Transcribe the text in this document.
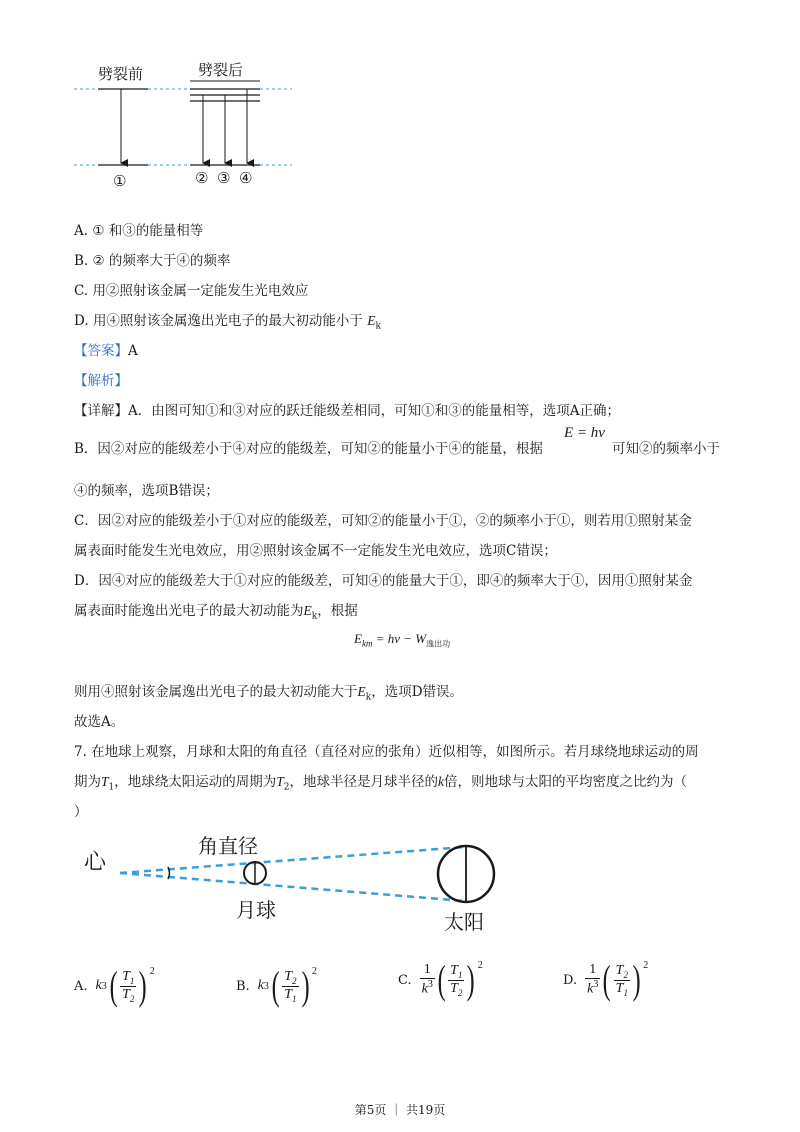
劈裂前	劈裂后
①	② ③ ④
A. ① 和③的能量相等
B. ② 的频率大于④的频率
C. 用②照射该金属一定能发生光电效应
D. 用④照射该金属逸出光电子的最大初动能小于 $E_k$
【答案】A
【解析】
【详解】A．由图可知①和③对应的跃迁能级差相同，可知①和③的能量相等，选项A正确；
B．因②对应的能级差小于④对应的能级差，可知②的能量小于④的能量，根据
E = hν
可知②的频率小于
④的频率，选项B错误；
C．因②对应的能级差小于①对应的能级差，可知②的能量小于①，②的频率小于①，则若用①照射某金
属表面时能发生光电效应，用②照射该金属不一定能发生光电效应，选项C错误；
D．因④对应的能级差大于①对应的能级差，可知④的能量大于①，即④的频率大于①，因用①照射某金
属表面时能逸出光电子的最大初动能为$E_k$，根据
$E_{km} = h\nu - W_{逸出功}$
则用④照射该金属逸出光电子的最大初动能大于$E_k$，选项D错误。
故选A。
7. 在地球上观察，月球和太阳的角直径（直径对应的张角）近似相等，如图所示。若月球绕地球运动的周
期为$T_1$，地球绕太阳运动的周期为$T_2$，地球半径是月球半径的k倍，则地球与太阳的平均密度之比约为（
）
心
角直径
月球	太阳
A. k 3 ( $\frac{T_1}{T_2}$ ) 2
B. k 3 ( $\frac{T_2}{T_1}$ ) 2
C. $\frac{1}{k^3}$ ( $\frac{T_1}{T_2}$ ) 2
D. $\frac{1}{k^3}$ ( $\frac{T_2}{T_1}$ ) 2
第5页 ｜ 共19页
